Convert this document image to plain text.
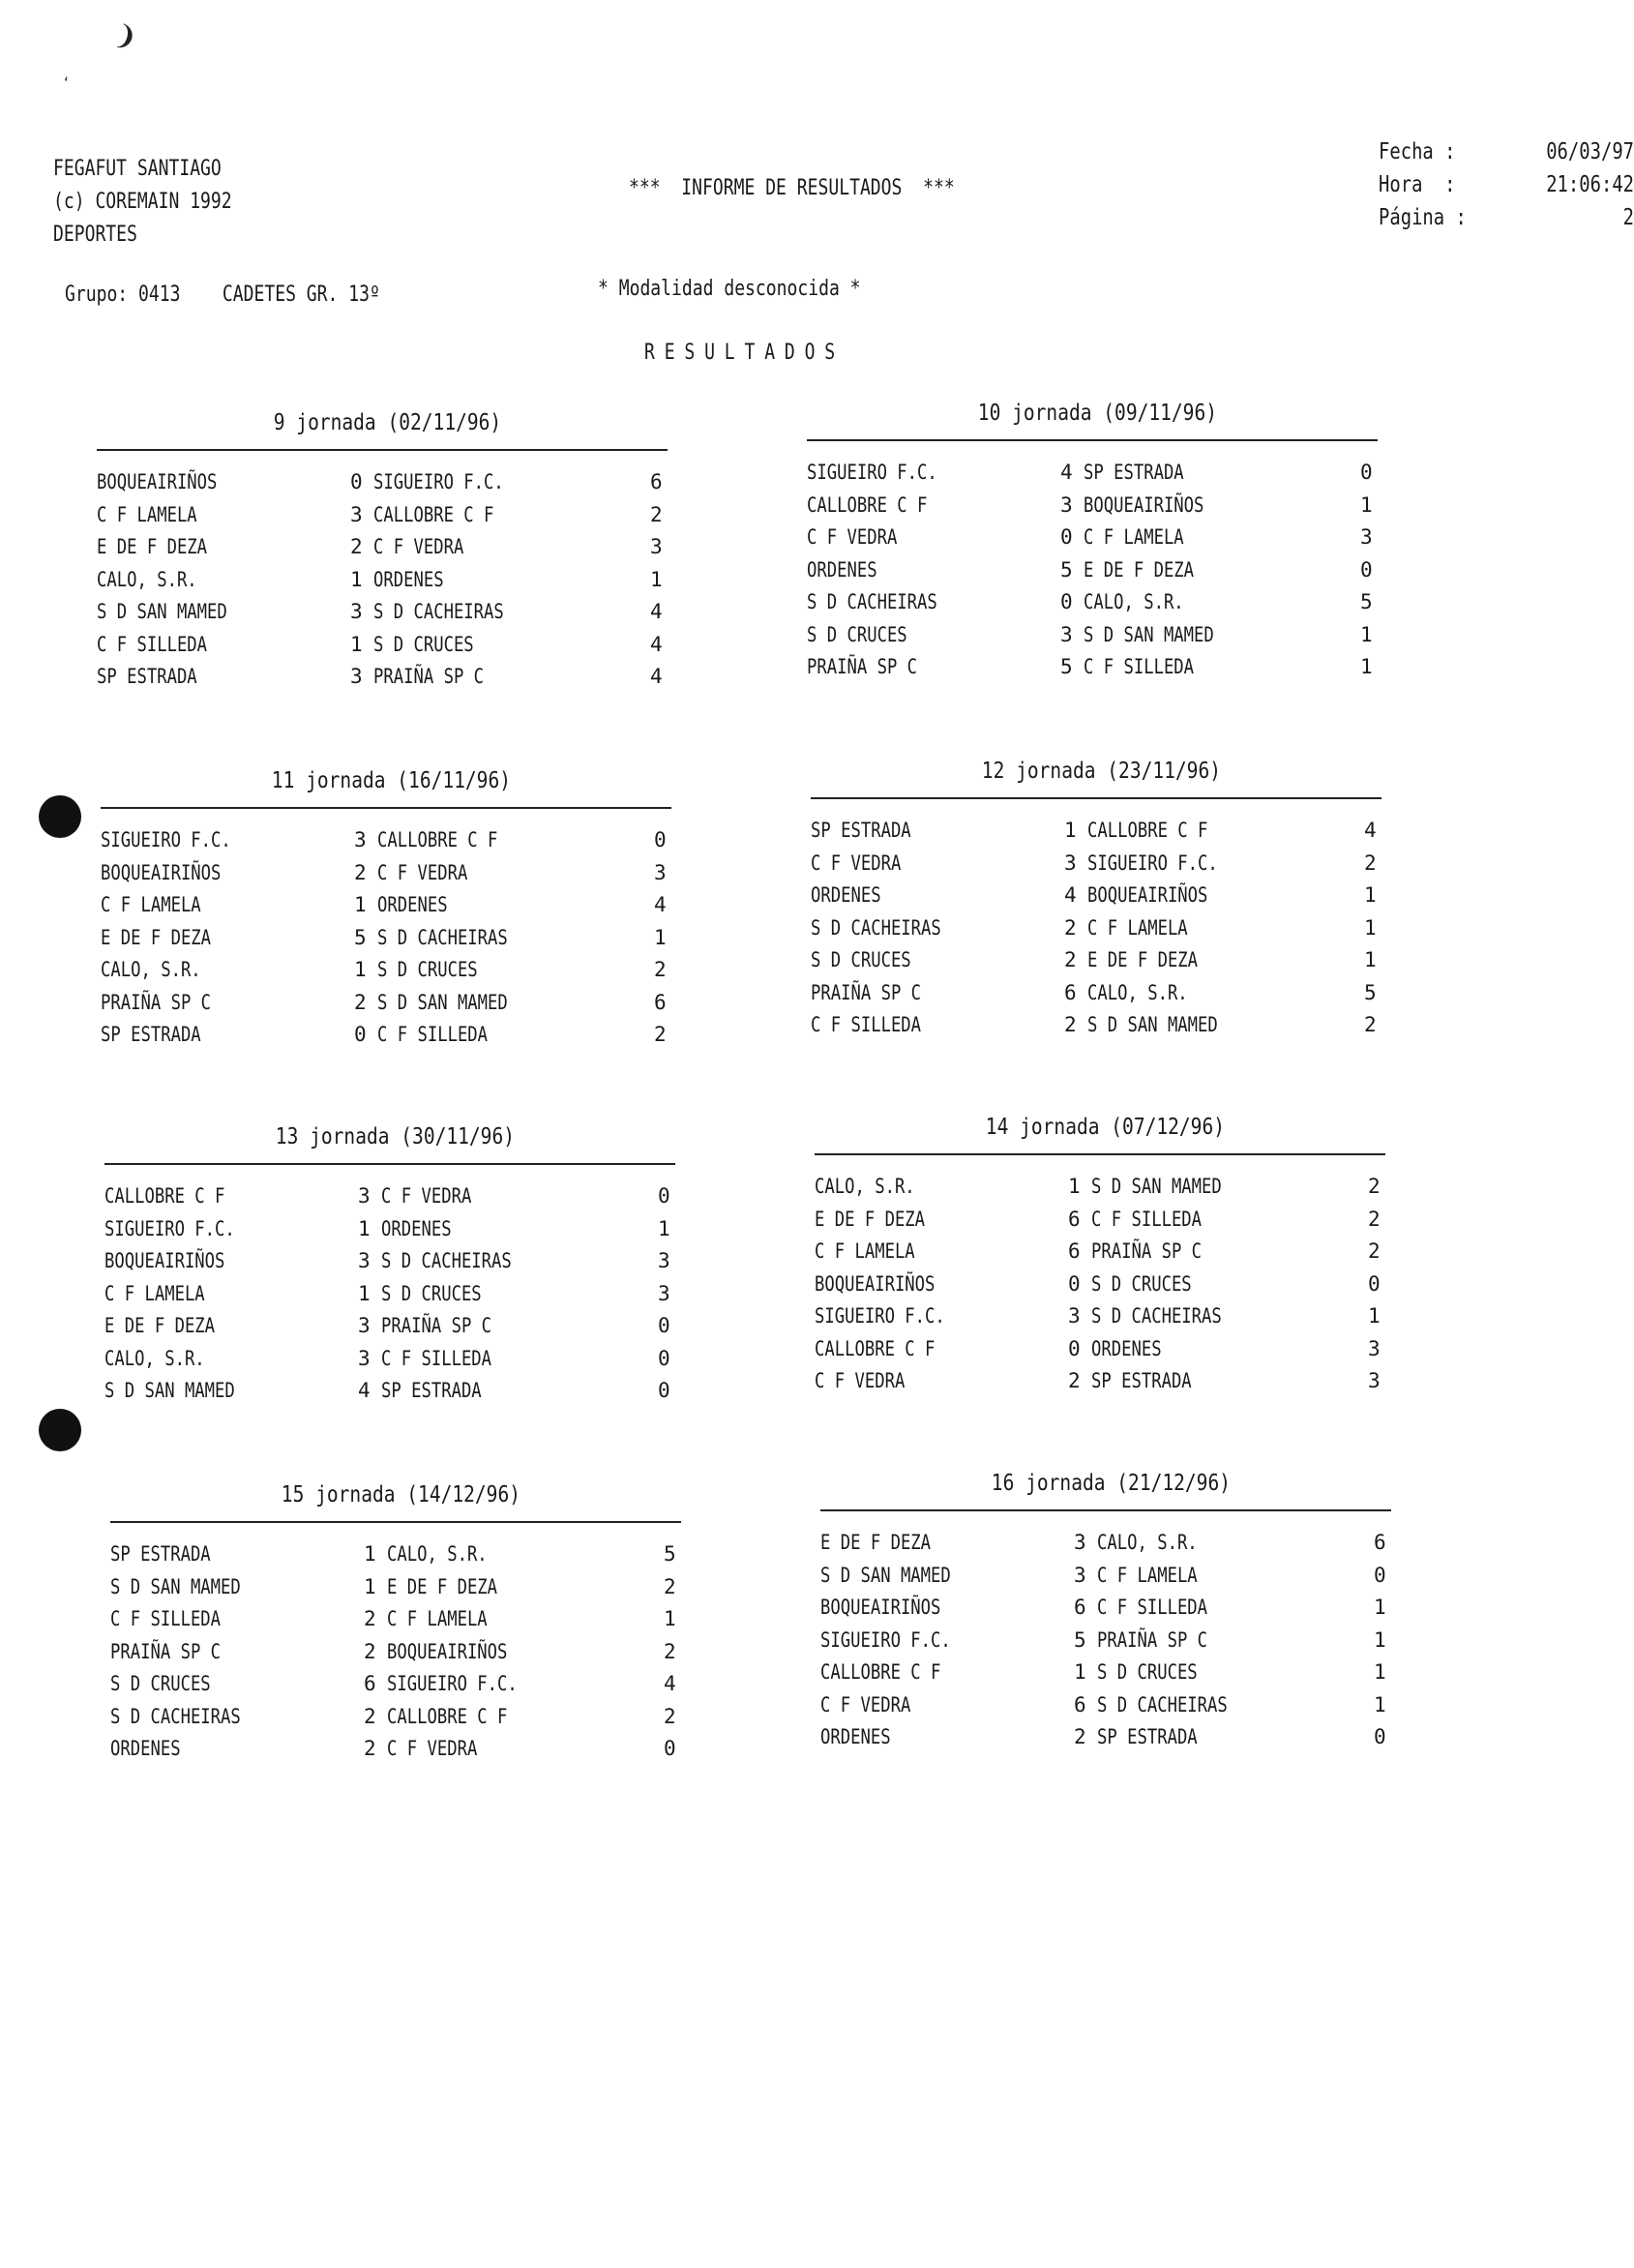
❩
ʻ
FEGAFUT SANTIAGO
(c) COREMAIN 1992
DEPORTES
***  INFORME DE RESULTADOS  ***
Fecha :	06/03/97
Hora  :	21:06:42
Página :	2
Grupo: 0413    CADETES GR. 13º	* Modalidad desconocida *
RESULTADOS
9 jornada (02/11/96)
BOQUEAIRIÑOS	0 SIGUEIRO F.C.	6
C F LAMELA	3 CALLOBRE C F	2
E DE F DEZA	2 C F VEDRA	3
CALO, S.R.	1 ORDENES	1
S D SAN MAMED	3 S D CACHEIRAS	4
C F SILLEDA	1 S D CRUCES	4
SP ESTRADA	3 PRAIÑA SP C	4
10 jornada (09/11/96)
SIGUEIRO F.C.	4 SP ESTRADA	0
CALLOBRE C F	3 BOQUEAIRIÑOS	1
C F VEDRA	0 C F LAMELA	3
ORDENES	5 E DE F DEZA	0
S D CACHEIRAS	0 CALO, S.R.	5
S D CRUCES	3 S D SAN MAMED	1
PRAIÑA SP C	5 C F SILLEDA	1
11 jornada (16/11/96)
SIGUEIRO F.C.	3 CALLOBRE C F	0
BOQUEAIRIÑOS	2 C F VEDRA	3
C F LAMELA	1 ORDENES	4
E DE F DEZA	5 S D CACHEIRAS	1
CALO, S.R.	1 S D CRUCES	2
PRAIÑA SP C	2 S D SAN MAMED	6
SP ESTRADA	0 C F SILLEDA	2
12 jornada (23/11/96)
SP ESTRADA	1 CALLOBRE C F	4
C F VEDRA	3 SIGUEIRO F.C.	2
ORDENES	4 BOQUEAIRIÑOS	1
S D CACHEIRAS	2 C F LAMELA	1
S D CRUCES	2 E DE F DEZA	1
PRAIÑA SP C	6 CALO, S.R.	5
C F SILLEDA	2 S D SAN MAMED	2
13 jornada (30/11/96)
CALLOBRE C F	3 C F VEDRA	0
SIGUEIRO F.C.	1 ORDENES	1
BOQUEAIRIÑOS	3 S D CACHEIRAS	3
C F LAMELA	1 S D CRUCES	3
E DE F DEZA	3 PRAIÑA SP C	0
CALO, S.R.	3 C F SILLEDA	0
S D SAN MAMED	4 SP ESTRADA	0
14 jornada (07/12/96)
CALO, S.R.	1 S D SAN MAMED	2
E DE F DEZA	6 C F SILLEDA	2
C F LAMELA	6 PRAIÑA SP C	2
BOQUEAIRIÑOS	0 S D CRUCES	0
SIGUEIRO F.C.	3 S D CACHEIRAS	1
CALLOBRE C F	0 ORDENES	3
C F VEDRA	2 SP ESTRADA	3
15 jornada (14/12/96)
SP ESTRADA	1 CALO, S.R.	5
S D SAN MAMED	1 E DE F DEZA	2
C F SILLEDA	2 C F LAMELA	1
PRAIÑA SP C	2 BOQUEAIRIÑOS	2
S D CRUCES	6 SIGUEIRO F.C.	4
S D CACHEIRAS	2 CALLOBRE C F	2
ORDENES	2 C F VEDRA	0
16 jornada (21/12/96)
E DE F DEZA	3 CALO, S.R.	6
S D SAN MAMED	3 C F LAMELA	0
BOQUEAIRIÑOS	6 C F SILLEDA	1
SIGUEIRO F.C.	5 PRAIÑA SP C	1
CALLOBRE C F	1 S D CRUCES	1
C F VEDRA	6 S D CACHEIRAS	1
ORDENES	2 SP ESTRADA	0
